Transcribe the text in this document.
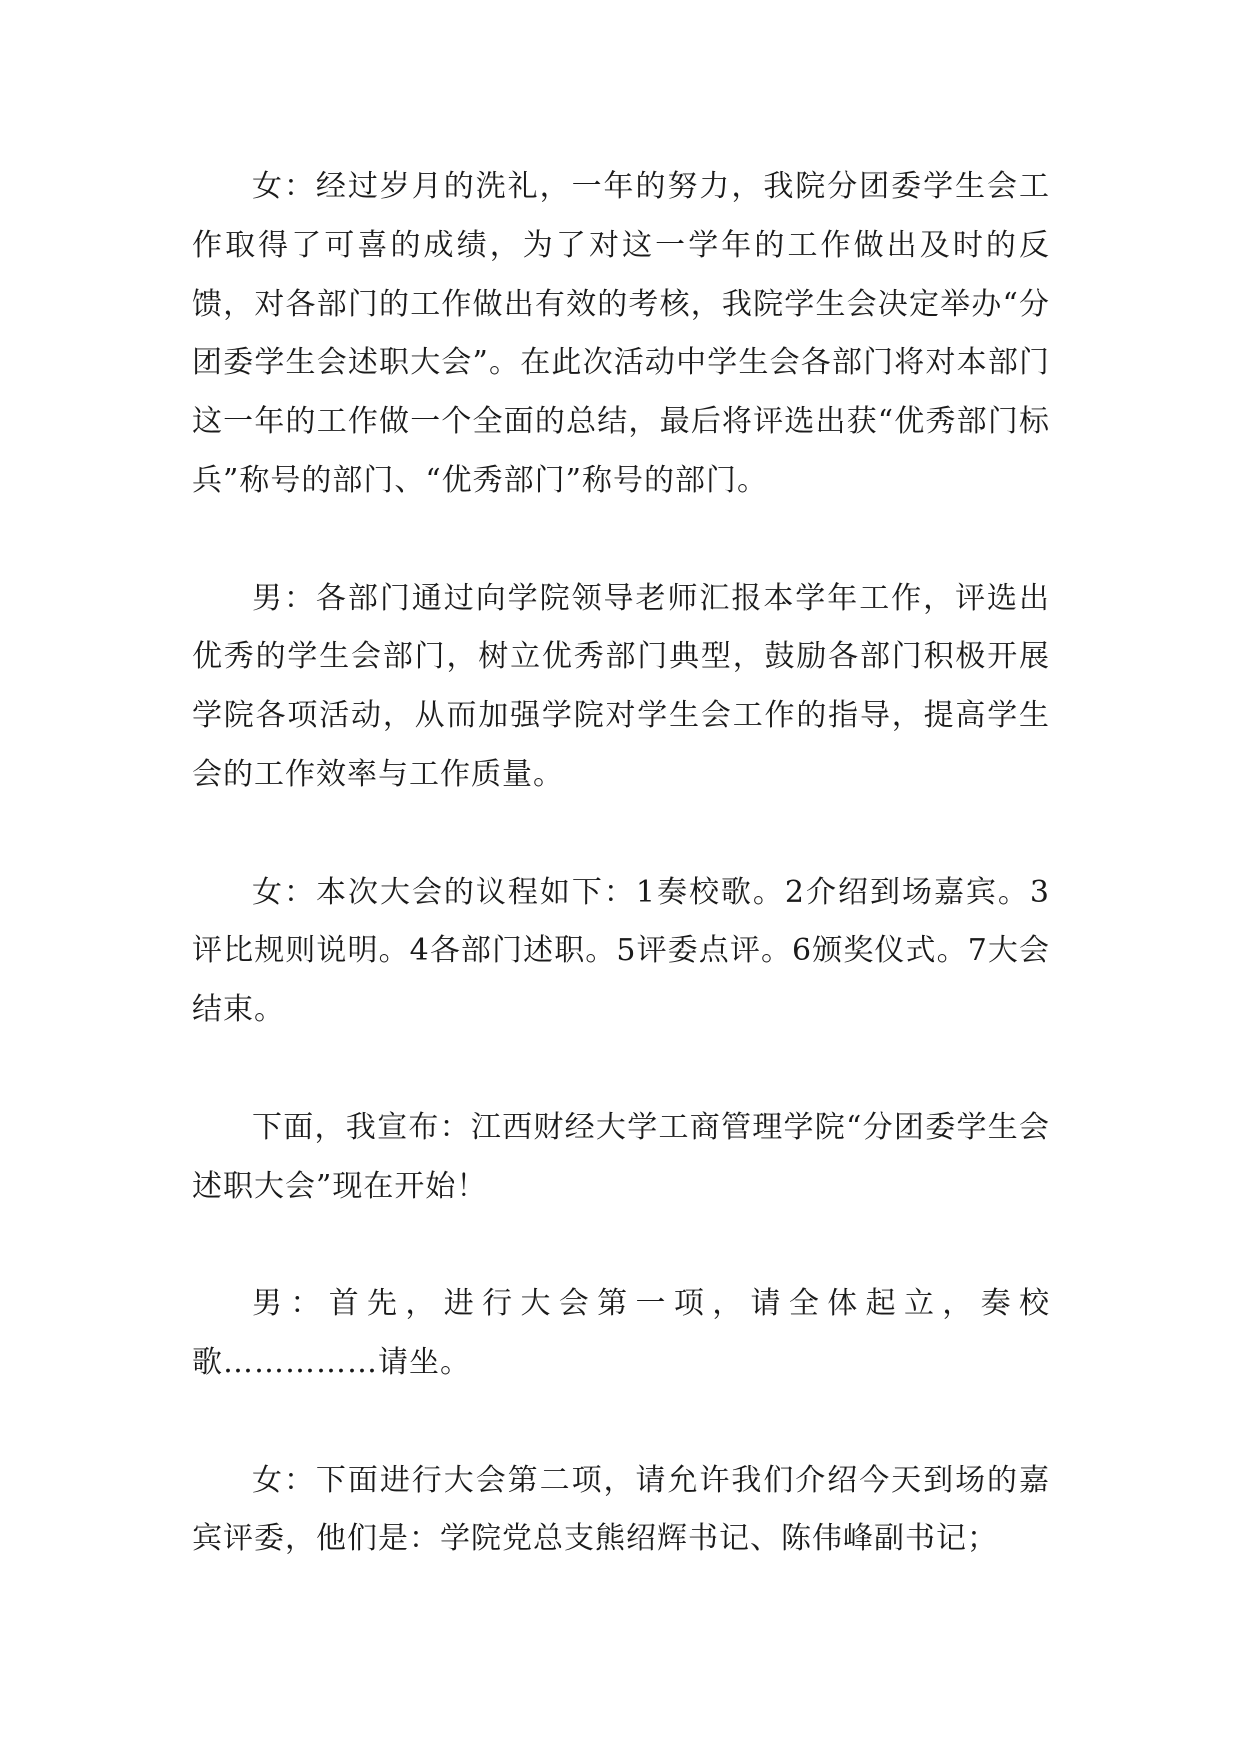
女：经过岁月的洗礼，一年的努力，我院分团委学生会工作取得了可喜的成绩，为了对这一学年的工作做出及时的反馈，对各部门的工作做出有效的考核，我院学生会决定举办“分团委学生会述职大会”。在此次活动中学生会各部门将对本部门这一年的工作做一个全面的总结，最后将评选出获“优秀部门标兵”称号的部门、“优秀部门”称号的部门。

男：各部门通过向学院领导老师汇报本学年工作，评选出优秀的学生会部门，树立优秀部门典型，鼓励各部门积极开展学院各项活动，从而加强学院对学生会工作的指导，提高学生会的工作效率与工作质量。

女：本次大会的议程如下：1奏校歌。2介绍到场嘉宾。3评比规则说明。4各部门述职。5评委点评。6颁奖仪式。7大会结束。

下面，我宣布：江西财经大学工商管理学院“分团委学生会述职大会”现在开始！

男：首先，进行大会第一项，请全体起立，奏校歌……………请坐。

女：下面进行大会第二项，请允许我们介绍今天到场的嘉宾评委，他们是：学院党总支熊绍辉书记、陈伟峰副书记；
